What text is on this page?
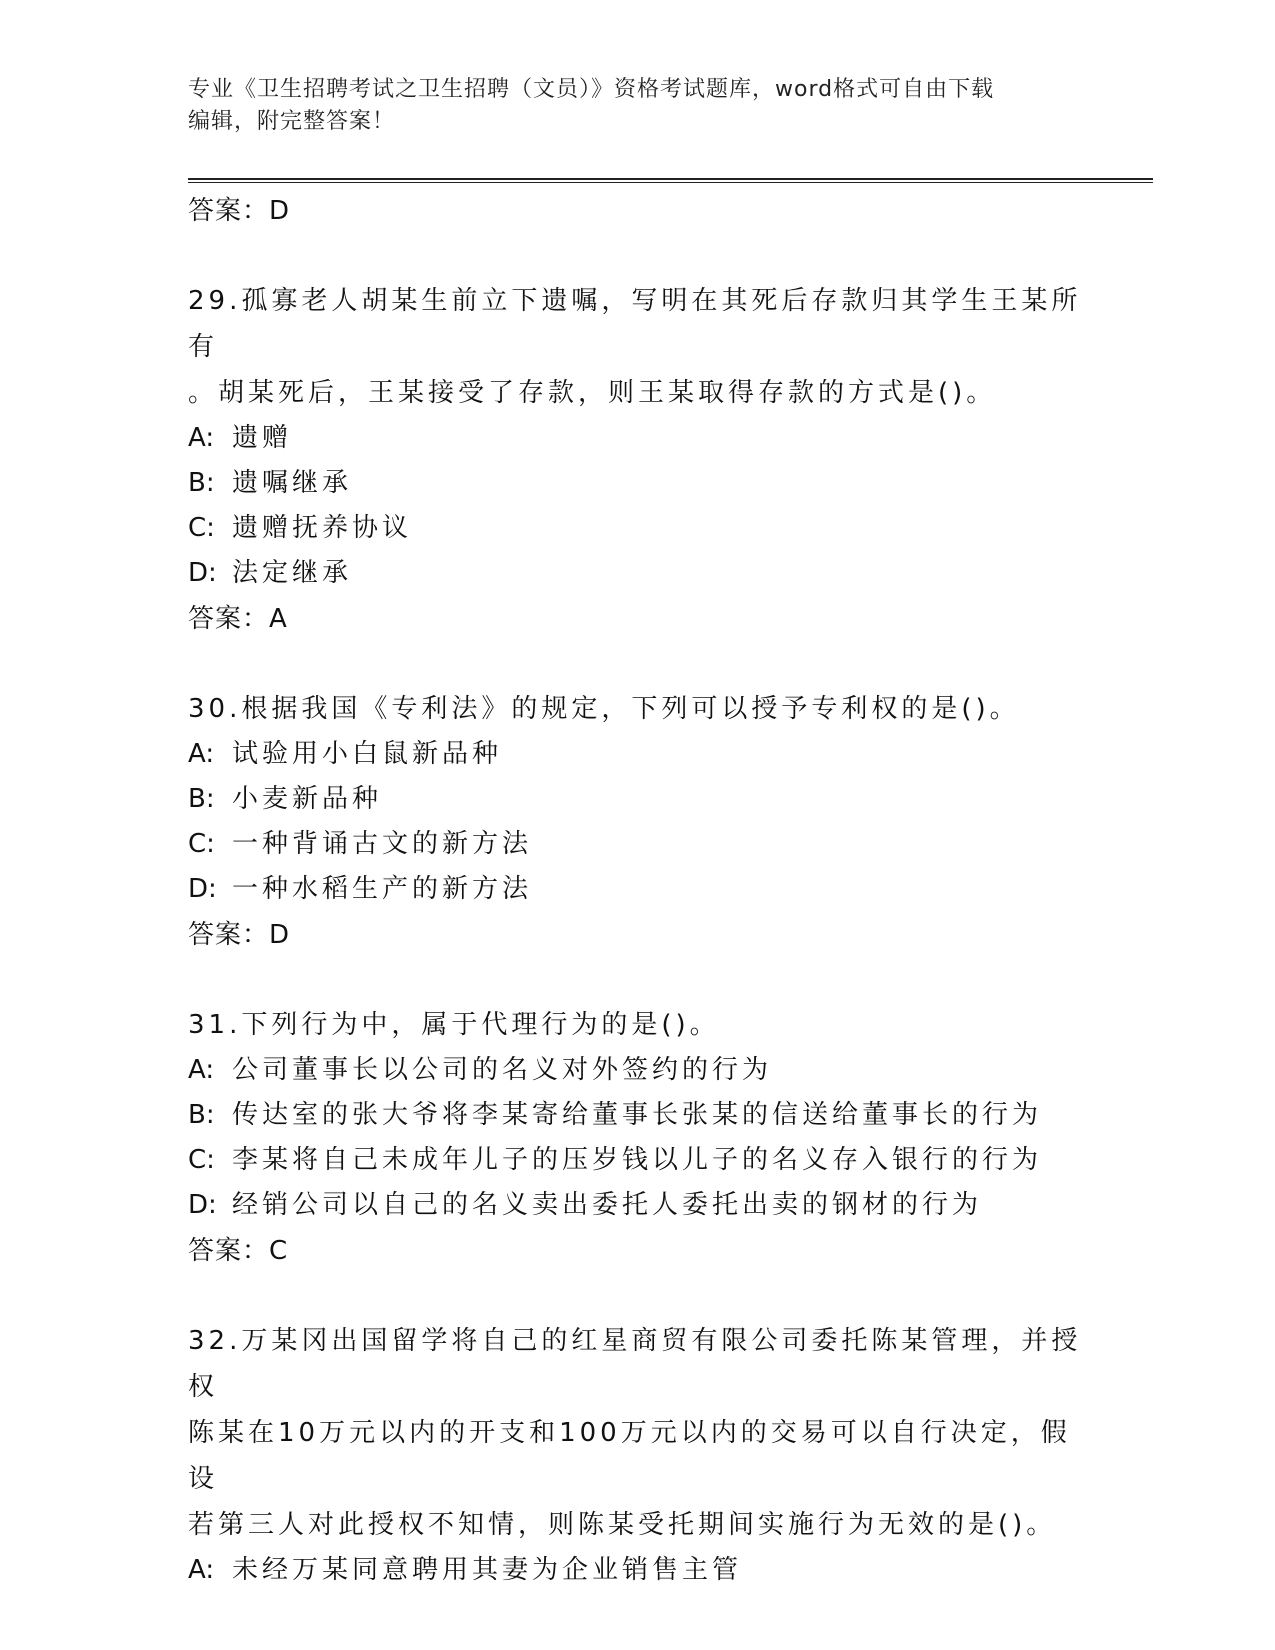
专业《卫生招聘考试之卫生招聘（文员）》资格考试题库，word格式可自由下载
编辑，附完整答案！
答案：D
29.孤寡老人胡某生前立下遗嘱，写明在其死后存款归其学生王某所有
。胡某死后，王某接受了存款，则王某取得存款的方式是()。
A: 遗赠
B: 遗嘱继承
C: 遗赠抚养协议
D: 法定继承
答案：A
30.根据我国《专利法》的规定，下列可以授予专利权的是()。
A: 试验用小白鼠新品种
B: 小麦新品种
C: 一种背诵古文的新方法
D: 一种水稻生产的新方法
答案：D
31.下列行为中，属于代理行为的是()。
A: 公司董事长以公司的名义对外签约的行为
B: 传达室的张大爷将李某寄给董事长张某的信送给董事长的行为
C: 李某将自己未成年儿子的压岁钱以儿子的名义存入银行的行为
D: 经销公司以自己的名义卖出委托人委托出卖的钢材的行为
答案：C
32.万某冈出国留学将自己的红星商贸有限公司委托陈某管理，并授权
陈某在10万元以内的开支和100万元以内的交易可以自行决定，假设
若第三人对此授权不知情，则陈某受托期间实施行为无效的是()。
A: 未经万某同意聘用其妻为企业销售主管
